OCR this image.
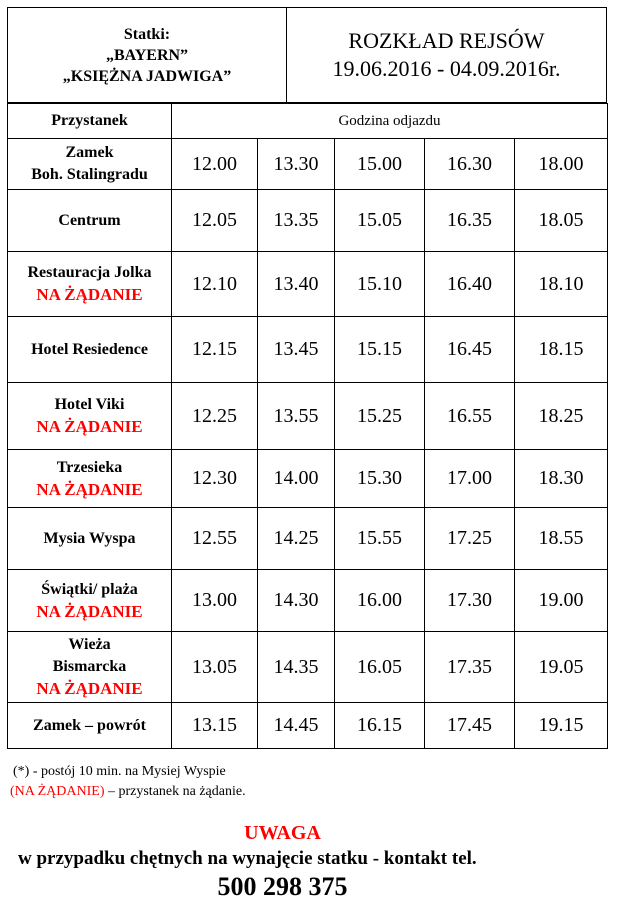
Statki:
„BAYERN”
„KSIĘŻNA JADWIGA”
ROZKŁAD REJSÓW
19.06.2016 - 04.09.2016r.
Przystanek	Godzina odjazdu				

Zamek
Boh. Stalingradu	12.00	13.30	15.00	16.30	18.00

Centrum	12.05	13.35	15.05	16.35	18.05

Restauracja Jolka
NA ŻĄDANIE	12.10	13.40	15.10	16.40	18.10

Hotel Resiedence	12.15	13.45	15.15	16.45	18.15

Hotel Viki
NA ŻĄDANIE	12.25	13.55	15.25	16.55	18.25

Trzesieka
NA ŻĄDANIE	12.30	14.00	15.30	17.00	18.30

Mysia Wyspa	12.55	14.25	15.55	17.25	18.55

Świątki/ plaża
NA ŻĄDANIE	13.00	14.30	16.00	17.30	19.00

Wieża
Bismarcka
NA ŻĄDANIE	13.05	14.35	16.05	17.35	19.05

Zamek – powrót	13.15	14.45	16.15	17.45	19.15
(*) - postój 10 min. na Mysiej Wyspie
(NA ŻĄDANIE) – przystanek na żądanie.
UWAGA
w przypadku chętnych na wynajęcie statku - kontakt tel.
500 298 375
